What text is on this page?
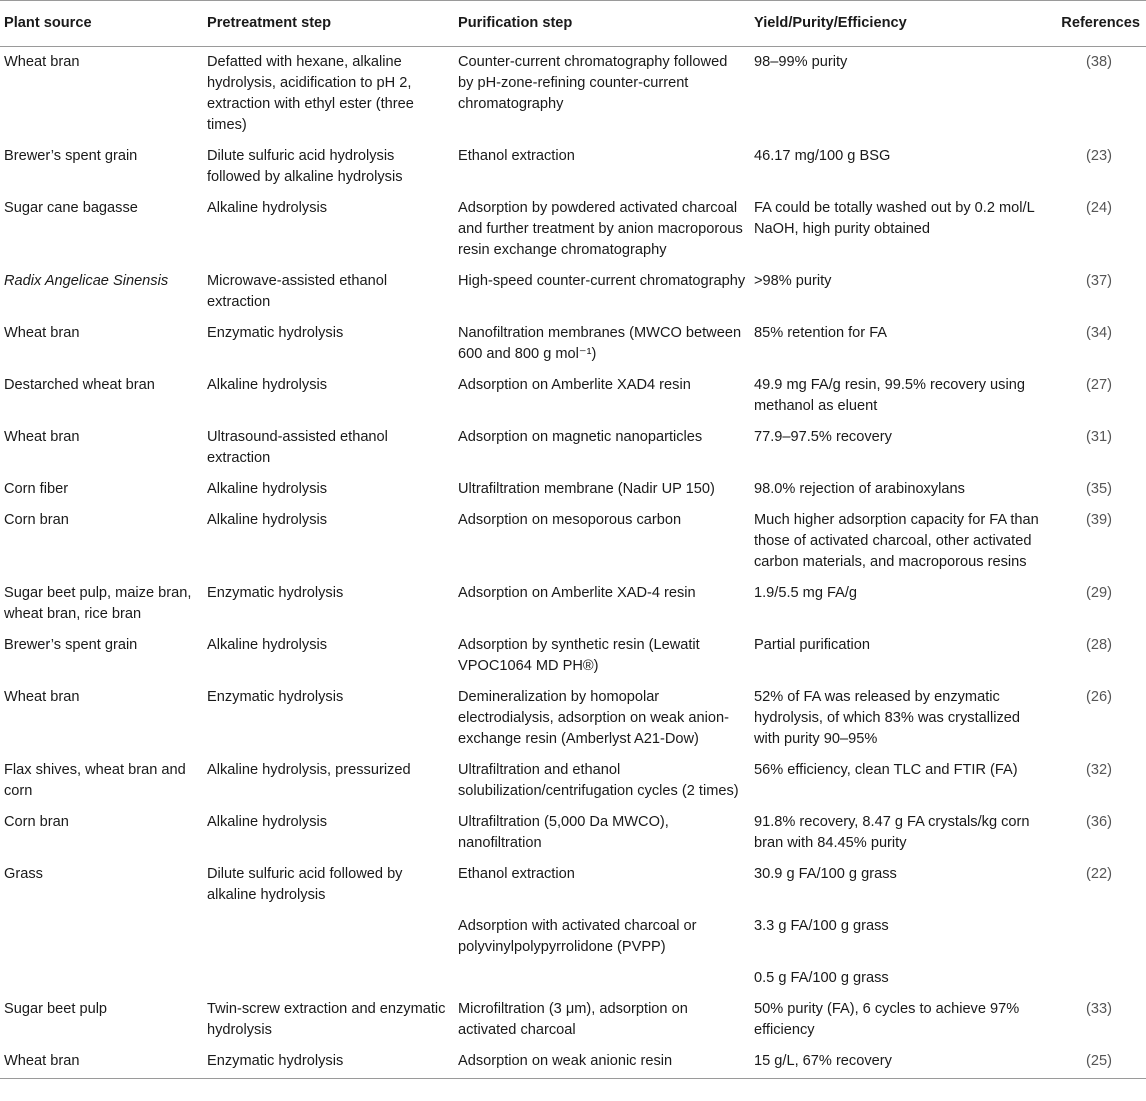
Plant source	Pretreatment step	Purification step	Yield/Purity/Efficiency	References
Wheat bran	Defatted with hexane, alkaline hydrolysis, acidification to pH 2, extraction with ethyl ester (three times)	Counter-current chromatography followed by pH-zone-refining counter-current chromatography	98–99% purity	(38)
Brewer’s spent grain	Dilute sulfuric acid hydrolysis followed by alkaline hydrolysis	Ethanol extraction	46.17 mg/100 g BSG	(23)
Sugar cane bagasse	Alkaline hydrolysis	Adsorption by powdered activated charcoal and further treatment by anion macroporous resin exchange chromatography	FA could be totally washed out by 0.2 mol/L NaOH, high purity obtained	(24)
Radix Angelicae Sinensis	Microwave-assisted ethanol extraction	High-speed counter-current chromatography	>98% purity	(37)
Wheat bran	Enzymatic hydrolysis	Nanofiltration membranes (MWCO between 600 and 800 g mol⁻¹)	85% retention for FA	(34)
Destarched wheat bran	Alkaline hydrolysis	Adsorption on Amberlite XAD4 resin	49.9 mg FA/g resin, 99.5% recovery using methanol as eluent	(27)
Wheat bran	Ultrasound-assisted ethanol extraction	Adsorption on magnetic nanoparticles	77.9–97.5% recovery	(31)
Corn fiber	Alkaline hydrolysis	Ultrafiltration membrane (Nadir UP 150)	98.0% rejection of arabinoxylans	(35)
Corn bran	Alkaline hydrolysis	Adsorption on mesoporous carbon	Much higher adsorption capacity for FA than those of activated charcoal, other activated carbon materials, and macroporous resins	(39)
Sugar beet pulp, maize bran, wheat bran, rice bran	Enzymatic hydrolysis	Adsorption on Amberlite XAD-4 resin	1.9/5.5 mg FA/g	(29)
Brewer’s spent grain	Alkaline hydrolysis	Adsorption by synthetic resin (Lewatit VPOC1064 MD PH®)	Partial purification	(28)
Wheat bran	Enzymatic hydrolysis	Demineralization by homopolar electrodialysis, adsorption on weak anion-exchange resin (Amberlyst A21-Dow)	52% of FA was released by enzymatic hydrolysis, of which 83% was crystallized with purity 90–95%	(26)
Flax shives, wheat bran and corn	Alkaline hydrolysis, pressurized	Ultrafiltration and ethanol solubilization/centrifugation cycles (2 times)	56% efficiency, clean TLC and FTIR (FA)	(32)
Corn bran	Alkaline hydrolysis	Ultrafiltration (5,000 Da MWCO), nanofiltration	91.8% recovery, 8.47 g FA crystals/kg corn bran with 84.45% purity	(36)
Grass	Dilute sulfuric acid followed by alkaline hydrolysis	Ethanol extraction	30.9 g FA/100 g grass	(22)
		Adsorption with activated charcoal or polyvinylpolypyrrolidone (PVPP)	3.3 g FA/100 g grass	
			0.5 g FA/100 g grass	
Sugar beet pulp	Twin-screw extraction and enzymatic hydrolysis	Microfiltration (3 μm), adsorption on activated charcoal	50% purity (FA), 6 cycles to achieve 97% efficiency	(33)
Wheat bran	Enzymatic hydrolysis	Adsorption on weak anionic resin	15 g/L, 67% recovery	(25)
